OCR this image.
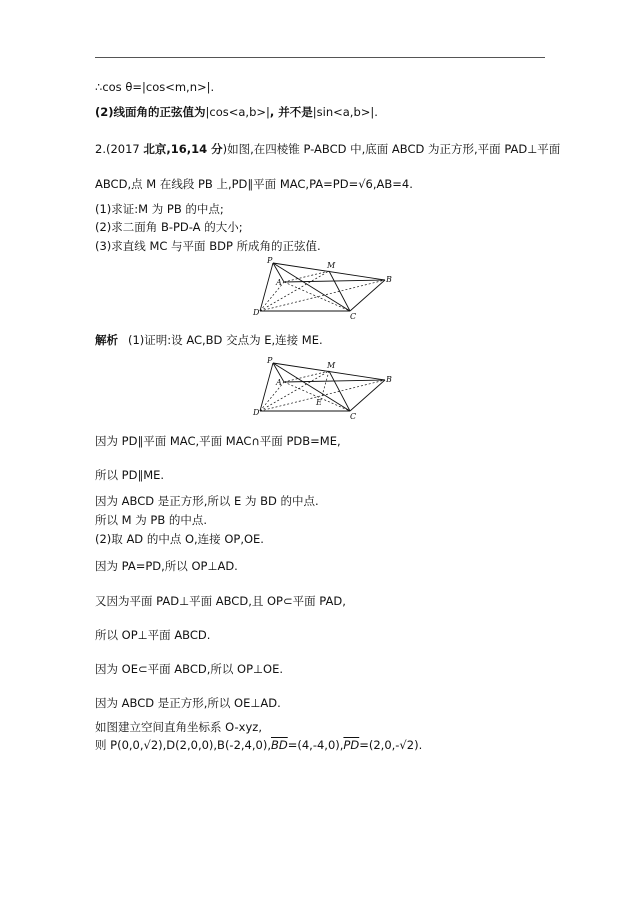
∴cos θ=|cos<m,n>|.
(2)线面角的正弦值为|cos<a,b>|, 并不是|sin<a,b>|.
2.(2017 北京,16,14 分)如图,在四棱锥 P-ABCD 中,底面 ABCD 为正方形,平面 PAD⊥平面
ABCD,点 M 在线段 PB 上,PD∥平面 MAC,PA=PD=√6,AB=4.
(1)求证:M 为 PB 的中点;
(2)求二面角 B-PD-A 的大小;
(3)求直线 MC 与平面 BDP 所成角的正弦值.
P
M
B
A
D	C
解析 (1)证明:设 AC,BD 交点为 E,连接 ME.
P
M
B
A
E
D	C
因为 PD∥平面 MAC,平面 MAC∩平面 PDB=ME,
所以 PD∥ME.
因为 ABCD 是正方形,所以 E 为 BD 的中点.
所以 M 为 PB 的中点.
(2)取 AD 的中点 O,连接 OP,OE.
因为 PA=PD,所以 OP⊥AD.
又因为平面 PAD⊥平面 ABCD,且 OP⊂平面 PAD,
所以 OP⊥平面 ABCD.
因为 OE⊂平面 ABCD,所以 OP⊥OE.
因为 ABCD 是正方形,所以 OE⊥AD.
如图建立空间直角坐标系 O-xyz,
则 $P(0,0,√2),D(2,0,0),B(-2,4,0),\overline{BD}=(4,-4,0),\overline{PD}=(2,0,-√2)$.
